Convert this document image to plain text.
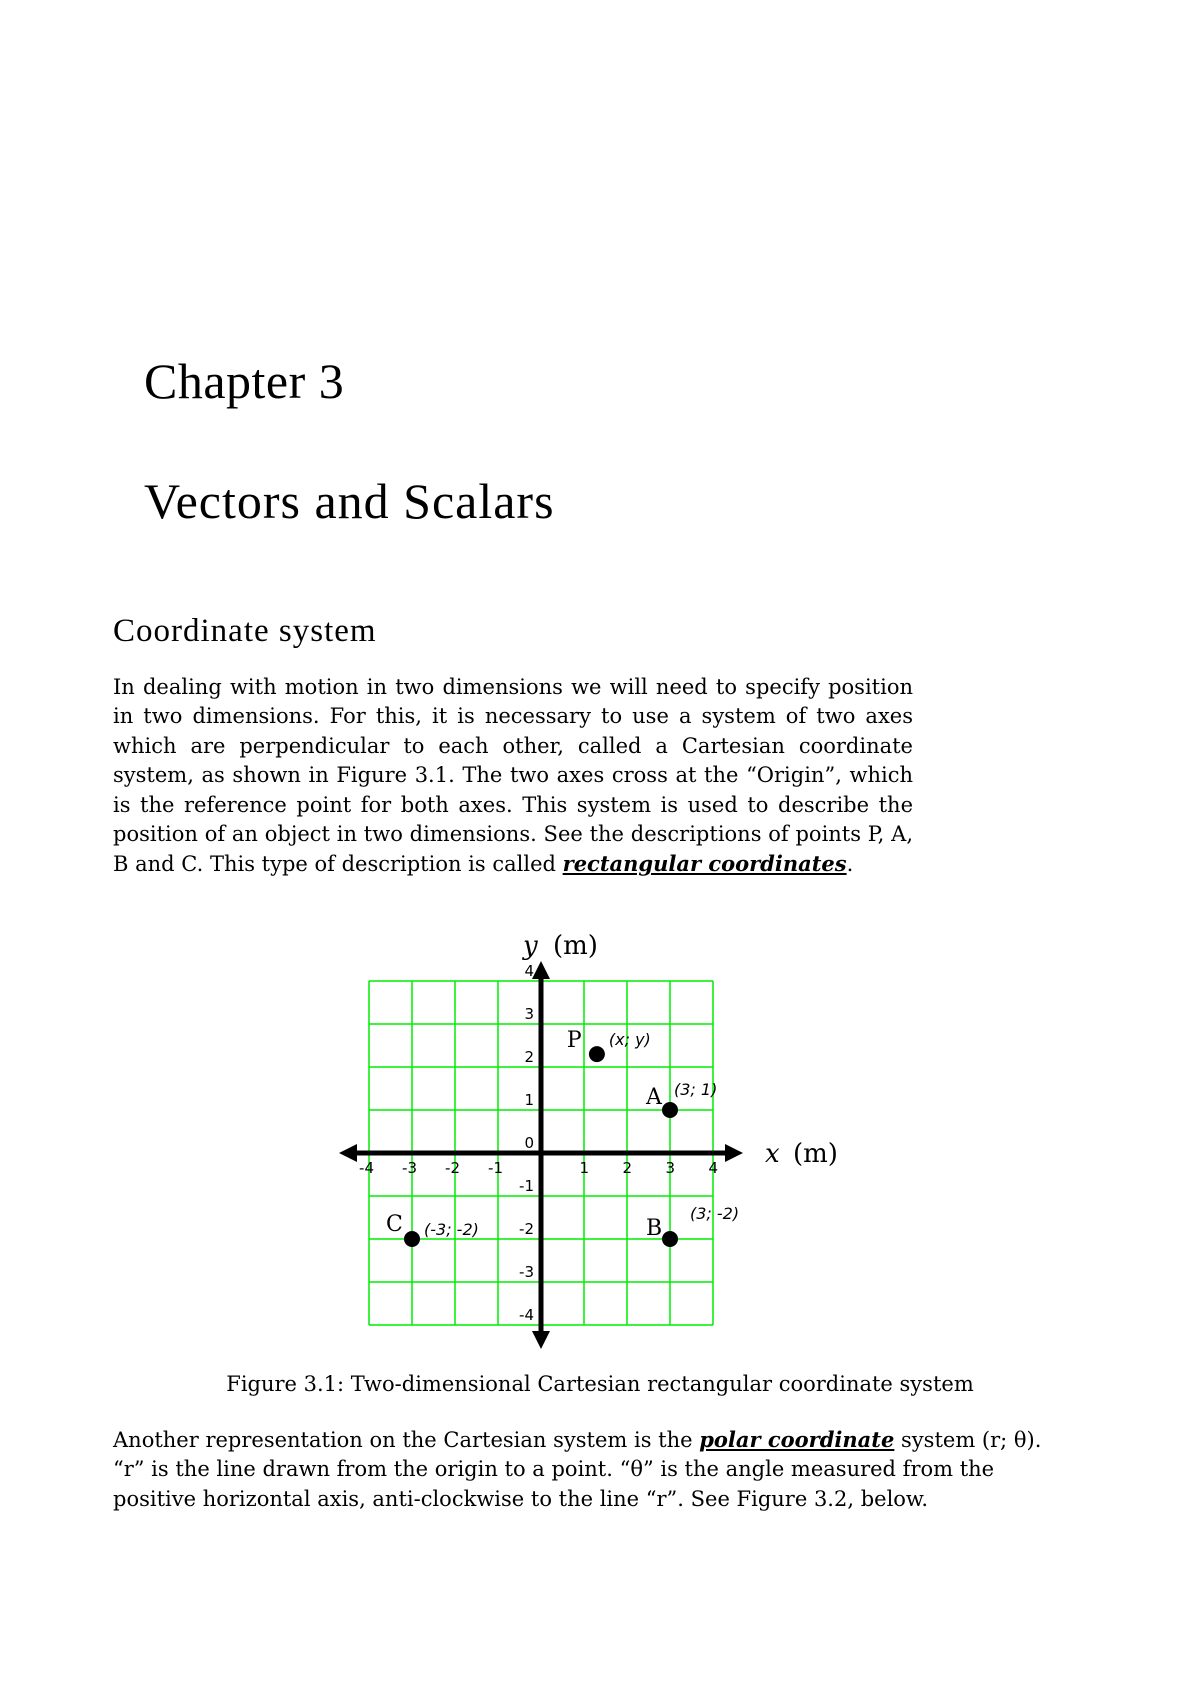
Chapter 3
Vectors and Scalars
Coordinate system

In dealing with motion in two dimensions we will need to specify position in two dimensions. For this, it is necessary to use a system of two axes which are perpendicular to each other, called a Cartesian coordinate system, as shown in Figure 3.1. The two axes cross at the “Origin”, which is the reference point for both axes. This system is used to describe the position of an object in two dimensions. See the descriptions of points P, A, B and C. This type of description is called rectangular coordinates.

-4 -3 -2 -1	1 2 3 4
4
3
2
1
0
-1
-2
-3
-4
P (x; y)
A (3; 1)
B
(3; -2)
C (-3; -2)
x (m)
y (m)

Figure 3.1: Two-dimensional Cartesian rectangular coordinate system

Another representation on the Cartesian system is the polar coordinate system (r; θ). “r” is the line drawn from the origin to a point. “θ” is the angle measured from the positive horizontal axis, anti-clockwise to the line “r”. See Figure 3.2, below.
